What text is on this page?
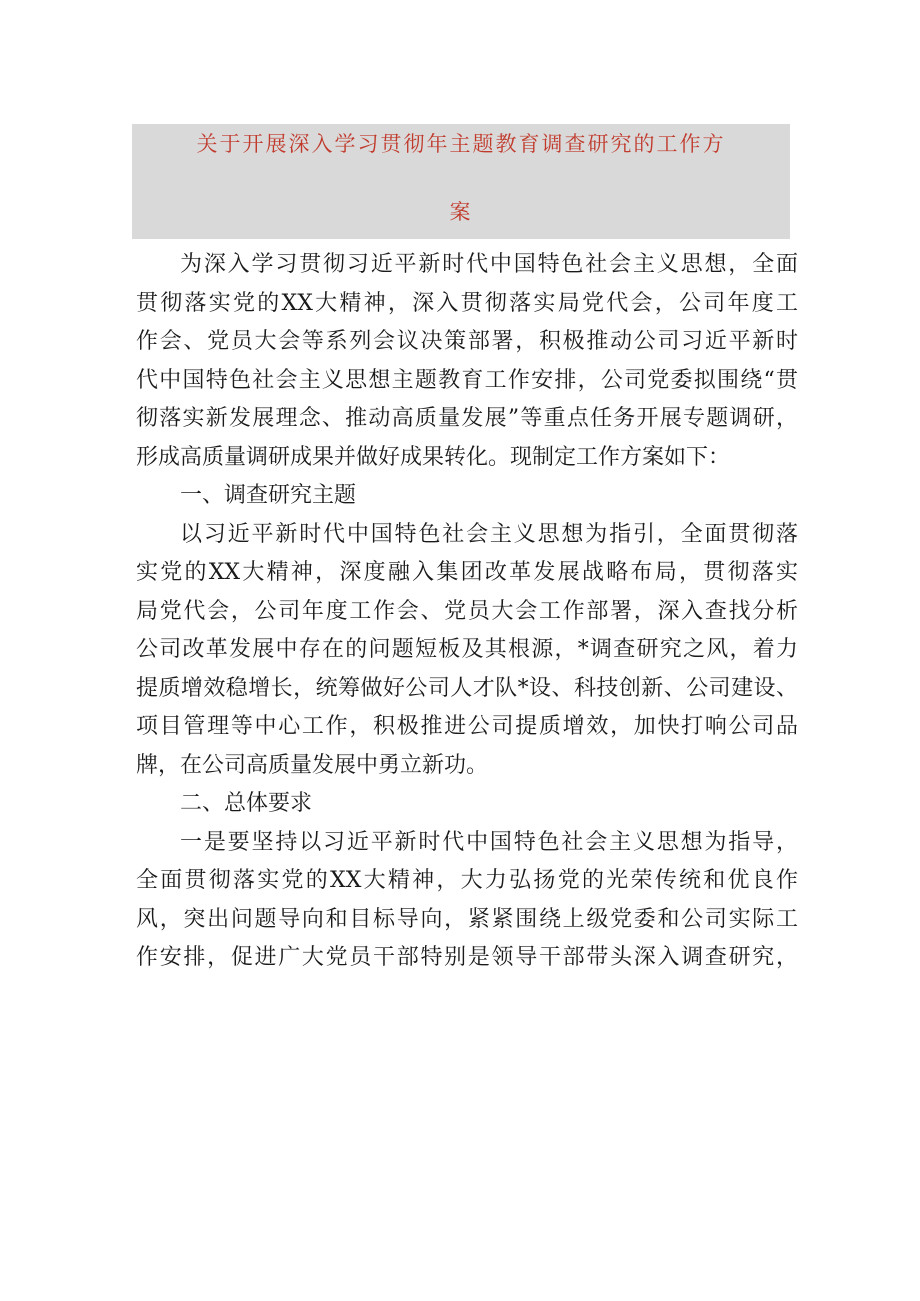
关于开展深入学习贯彻年主题教育调查研究的工作方
案
为深入学习贯彻习近平新时代中国特色社会主义思想，全面
贯彻落实党的XX大精神，深入贯彻落实局党代会，公司年度工
作会、党员大会等系列会议决策部署，积极推动公司习近平新时
代中国特色社会主义思想主题教育工作安排，公司党委拟围绕“贯
彻落实新发展理念、推动高质量发展”等重点任务开展专题调研，
形成高质量调研成果并做好成果转化。现制定工作方案如下：
一、调查研究主题
以习近平新时代中国特色社会主义思想为指引，全面贯彻落
实党的XX大精神，深度融入集团改革发展战略布局，贯彻落实
局党代会，公司年度工作会、党员大会工作部署，深入查找分析
公司改革发展中存在的问题短板及其根源，*调查研究之风，着力
提质增效稳增长，统筹做好公司人才队*设、科技创新、公司建设、
项目管理等中心工作，积极推进公司提质增效，加快打响公司品
牌，在公司高质量发展中勇立新功。
二、总体要求
一是要坚持以习近平新时代中国特色社会主义思想为指导，
全面贯彻落实党的XX大精神，大力弘扬党的光荣传统和优良作
风，突出问题导向和目标导向，紧紧围绕上级党委和公司实际工
作安排，促进广大党员干部特别是领导干部带头深入调查研究，
